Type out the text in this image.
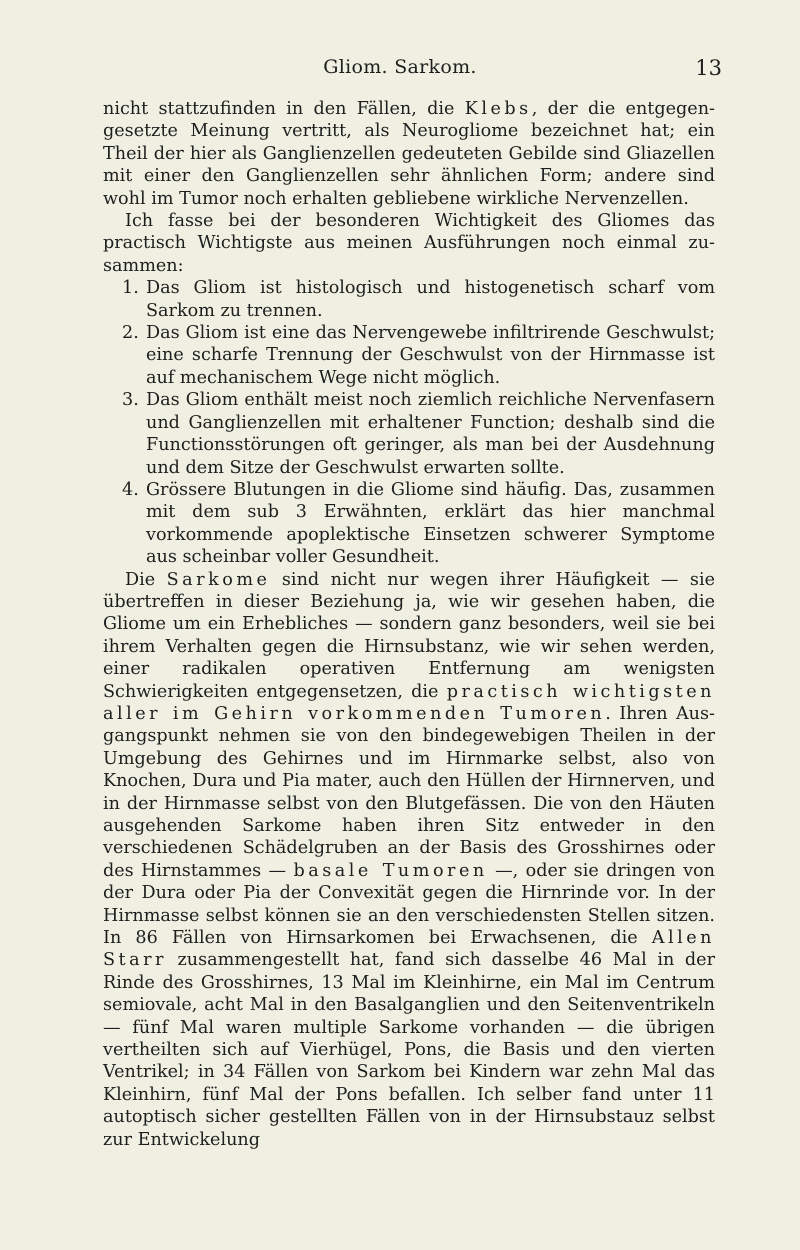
Gliom. Sarkom.	13

nicht stattzufinden in den Fällen, die Klebs, der die entgegengesetzte Meinung vertritt, als Neurogliome bezeichnet hat; ein Theil der hier als Ganglienzellen gedeuteten Gebilde sind Gliazellen mit einer den Ganglienzellen sehr ähnlichen Form; andere sind wohl im Tumor noch erhalten gebliebene wirkliche Nervenzellen.

Ich fasse bei der besonderen Wichtigkeit des Gliomes das practisch Wichtigste aus meinen Ausführungen noch einmal zusammen:

1. Das Gliom ist histologisch und histogenetisch scharf vom Sarkom zu trennen.
2. Das Gliom ist eine das Nervengewebe infiltrirende Geschwulst; eine scharfe Trennung der Geschwulst von der Hirnmasse ist auf mechanischem Wege nicht möglich.
3. Das Gliom enthält meist noch ziemlich reichliche Nervenfasern und Ganglienzellen mit erhaltener Function; deshalb sind die Functionsstörungen oft geringer, als man bei der Ausdehnung und dem Sitze der Geschwulst erwarten sollte.
4. Grössere Blutungen in die Gliome sind häufig. Das, zusammen mit dem sub 3 Erwähnten, erklärt das hier manchmal vorkommende apoplektische Einsetzen schwerer Symptome aus scheinbar voller Gesundheit.

Die Sarkome sind nicht nur wegen ihrer Häufigkeit — sie übertreffen in dieser Beziehung ja, wie wir gesehen haben, die Gliome um ein Erhebliches — sondern ganz besonders, weil sie bei ihrem Verhalten gegen die Hirnsubstanz, wie wir sehen werden, einer radikalen operativen Entfernung am wenigsten Schwierigkeiten entgegensetzen, die practisch wichtigsten aller im Gehirn vorkommenden Tumoren. Ihren Ausgangspunkt nehmen sie von den bindegewebigen Theilen in der Umgebung des Gehirnes und im Hirnmarke selbst, also von Knochen, Dura und Pia mater, auch den Hüllen der Hirnnerven, und in der Hirnmasse selbst von den Blutgefässen. Die von den Häuten ausgehenden Sarkome haben ihren Sitz entweder in den verschiedenen Schädelgruben an der Basis des Grosshirnes oder des Hirnstammes — basale Tumoren —, oder sie dringen von der Dura oder Pia der Convexität gegen die Hirnrinde vor. In der Hirnmasse selbst können sie an den verschiedensten Stellen sitzen. In 86 Fällen von Hirnsarkomen bei Erwachsenen, die Allen Starr zusammengestellt hat, fand sich dasselbe 46 Mal in der Rinde des Grosshirnes, 13 Mal im Kleinhirne, ein Mal im Centrum semiovale, acht Mal in den Basalganglien und den Seitenventrikeln — fünf Mal waren multiple Sarkome vorhanden — die übrigen vertheilten sich auf Vierhügel, Pons, die Basis und den vierten Ventrikel; in 34 Fällen von Sarkom bei Kindern war zehn Mal das Kleinhirn, fünf Mal der Pons befallen. Ich selber fand unter 11 autoptisch sicher gestellten Fällen von in der Hirnsubstauz selbst zur Entwickelung
